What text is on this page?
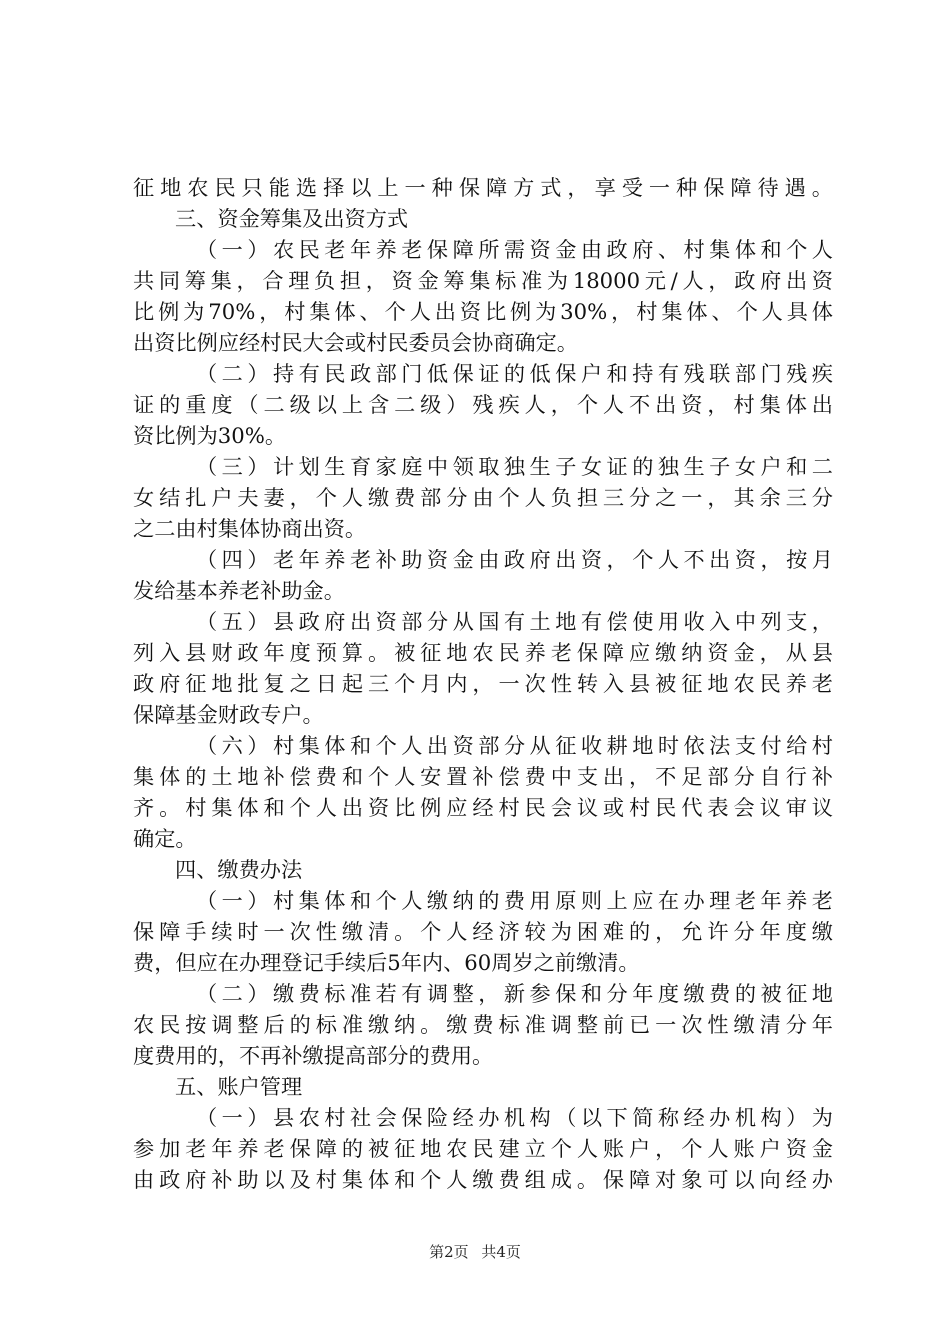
征地农民只能选择以上一种保障方式，享受一种保障待遇。
三、资金筹集及出资方式
（一）农民老年养老保障所需资金由政府、村集体和个人
共同筹集，合理负担，资金筹集标准为18000元/人，政府出资
比例为70%，村集体、个人出资比例为30%，村集体、个人具体
出资比例应经村民大会或村民委员会协商确定。
（二）持有民政部门低保证的低保户和持有残联部门残疾
证的重度（二级以上含二级）残疾人，个人不出资，村集体出
资比例为30%。
（三）计划生育家庭中领取独生子女证的独生子女户和二
女结扎户夫妻，个人缴费部分由个人负担三分之一，其余三分
之二由村集体协商出资。
（四）老年养老补助资金由政府出资，个人不出资，按月
发给基本养老补助金。
（五）县政府出资部分从国有土地有偿使用收入中列支，
列入县财政年度预算。被征地农民养老保障应缴纳资金，从县
政府征地批复之日起三个月内，一次性转入县被征地农民养老
保障基金财政专户。
（六）村集体和个人出资部分从征收耕地时依法支付给村
集体的土地补偿费和个人安置补偿费中支出，不足部分自行补
齐。村集体和个人出资比例应经村民会议或村民代表会议审议
确定。
四、缴费办法
（一）村集体和个人缴纳的费用原则上应在办理老年养老
保障手续时一次性缴清。个人经济较为困难的，允许分年度缴
费，但应在办理登记手续后5年内、60周岁之前缴清。
（二）缴费标准若有调整，新参保和分年度缴费的被征地
农民按调整后的标准缴纳。缴费标准调整前已一次性缴清分年
度费用的，不再补缴提高部分的费用。
五、账户管理
（一）县农村社会保险经办机构（以下简称经办机构）为
参加老年养老保障的被征地农民建立个人账户，个人账户资金
由政府补助以及村集体和个人缴费组成。保障对象可以向经办
第2页 共4页
